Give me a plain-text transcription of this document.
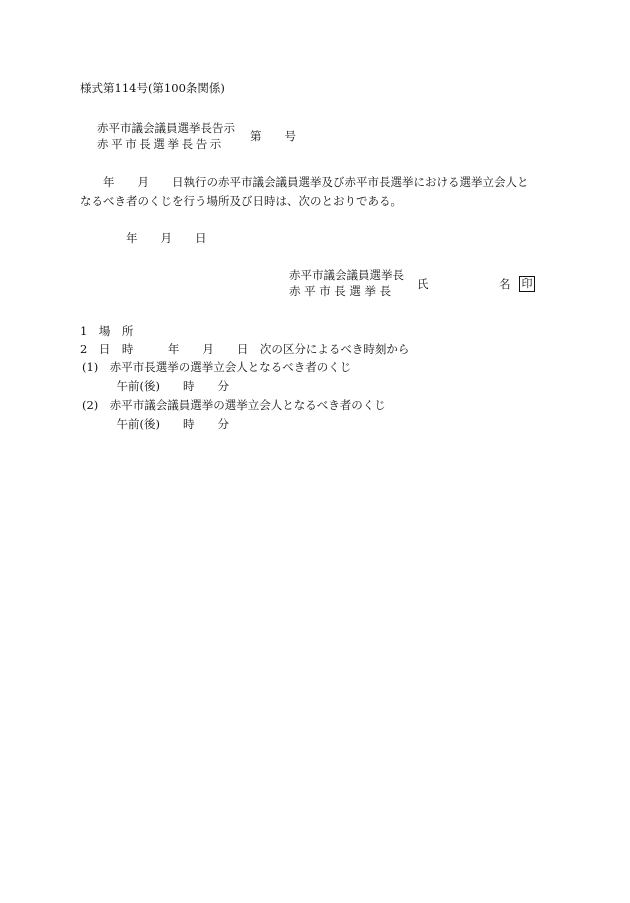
様式第114号(第100条関係)
赤平市議会議員選挙長告示
赤平市長選挙長告示
第　　号
　　年　　月　　日執行の赤平市議会議員選挙及び赤平市長選挙における選挙立会人と
なるべき者のくじを行う場所及び日時は、次のとおりである。
　　　　年　　月　　日
赤平市議会議員選挙長
赤平市長選挙長 氏	名 印
1　場　所
2　日　時　　　年　　月　　日　次の区分によるべき時刻から
(1)　赤平市長選挙の選挙立会人となるべき者のくじ
　　　午前(後)　　時　　分
(2)　赤平市議会議員選挙の選挙立会人となるべき者のくじ
　　　午前(後)　　時　　分
